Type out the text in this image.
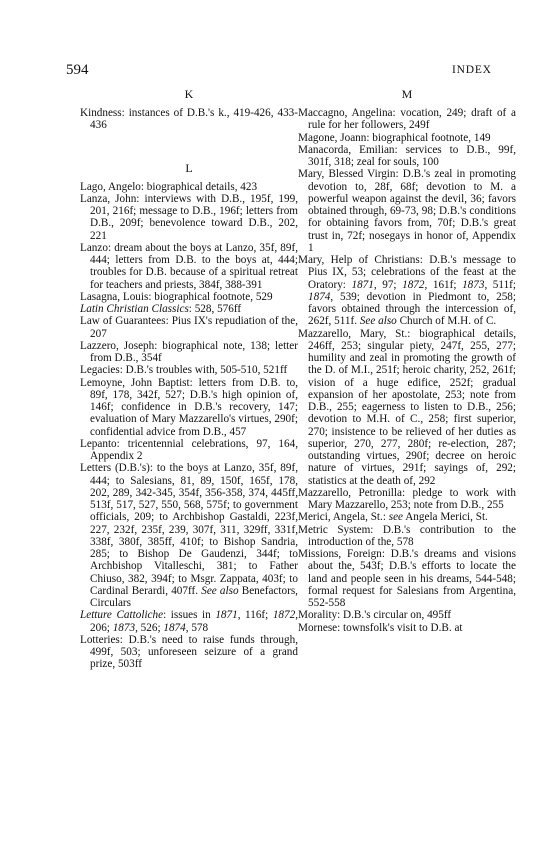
594	INDEX
K

Kindness: instances of D.B.'s k., 419-426, 433-436

L

Lago, Angelo: biographical details, 423

Lanza, John: interviews with D.B., 195f, 199, 201, 216f; message to D.B., 196f; letters from D.B., 209f; benevolence toward D.B., 202, 221

Lanzo: dream about the boys at Lanzo, 35f, 89f, 444; letters from D.B. to the boys at, 444; troubles for D.B. because of a spiritual retreat for teachers and priests, 384f, 388-391

Lasagna, Louis: biographical footnote, 529

Latin Christian Classics: 528, 576ff

Law of Guarantees: Pius IX's repudiation of the, 207

Lazzero, Joseph: biographical note, 138; letter from D.B., 354f

Legacies: D.B.'s troubles with, 505-510, 521ff

Lemoyne, John Baptist: letters from D.B. to, 89f, 178, 342f, 527; D.B.'s high opinion of, 146f; confidence in D.B.'s recovery, 147; evaluation of Mary Mazzarello's virtues, 290f; confidential advice from D.B., 457

Lepanto: tricentennial celebrations, 97, 164, Appendix 2

Letters (D.B.'s): to the boys at Lanzo, 35f, 89f, 444; to Salesians, 81, 89, 150f, 165f, 178, 202, 289, 342-345, 354f, 356-358, 374, 445ff, 513f, 517, 527, 550, 568, 575f; to government officials, 209; to Archbishop Gastaldi, 223f, 227, 232f, 235f, 239, 307f, 311, 329ff, 331f, 338f, 380f, 385ff, 410f; to Bishop Sandria, 285; to Bishop De Gaudenzi, 344f; to Archbishop Vitalleschi, 381; to Father Chiuso, 382, 394f; to Msgr. Zappata, 403f; to Cardinal Berardi, 407ff. See also Benefactors, Circulars

Letture Cattoliche: issues in 1871, 116f; 1872, 206; 1873, 526; 1874, 578

Lotteries: D.B.'s need to raise funds through, 499f, 503; unforeseen seizure of a grand prize, 503ff

M

Maccagno, Angelina: vocation, 249; draft of a rule for her followers, 249f

Magone, Joann: biographical footnote, 149

Manacorda, Emilian: services to D.B., 99f, 301f, 318; zeal for souls, 100

Mary, Blessed Virgin: D.B.'s zeal in promoting devotion to, 28f, 68f; devotion to M. a powerful weapon against the devil, 36; favors obtained through, 69-73, 98; D.B.'s conditions for obtaining favors from, 70f; D.B.'s great trust in, 72f; nosegays in honor of, Appendix 1

Mary, Help of Christians: D.B.'s message to Pius IX, 53; celebrations of the feast at the Oratory: 1871, 97; 1872, 161f; 1873, 511f; 1874, 539; devotion in Piedmont to, 258; favors obtained through the intercession of, 262f, 511f. See also Church of M.H. of C.

Mazzarello, Mary, St.: biographical details, 246ff, 253; singular piety, 247f, 255, 277; humility and zeal in promoting the growth of the D. of M.I., 251f; heroic charity, 252, 261f; vision of a huge edifice, 252f; gradual expansion of her apostolate, 253; note from D.B., 255; eagerness to listen to D.B., 256; devotion to M.H. of C., 258; first superior, 270; insistence to be relieved of her duties as superior, 270, 277, 280f; re-election, 287; outstanding virtues, 290f; decree on heroic nature of virtues, 291f; sayings of, 292; statistics at the death of, 292

Mazzarello, Petronilla: pledge to work with Mary Mazzarello, 253; note from D.B., 255

Merici, Angela, St.: see Angela Merici, St.

Metric System: D.B.'s contribution to the introduction of the, 578

Missions, Foreign: D.B.'s dreams and visions about the, 543f; D.B.'s efforts to locate the land and people seen in his dreams, 544-548; formal request for Salesians from Argentina, 552-558

Morality: D.B.'s circular on, 495ff

Mornese: townsfolk's visit to D.B. at
